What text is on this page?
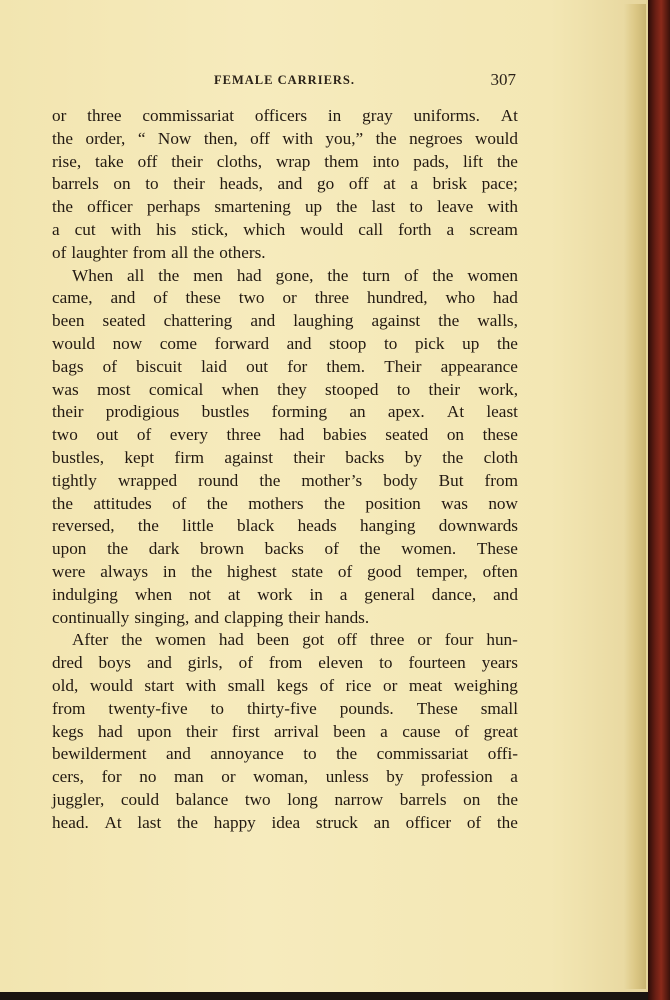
FEMALE CARRIERS.	307
or three commissariat officers in gray uniforms. At
the order, “ Now then, off with you,” the negroes would
rise, take off their cloths, wrap them into pads, lift the
barrels on to their heads, and go off at a brisk pace;
the officer perhaps smartening up the last to leave with
a cut with his stick, which would call forth a scream
of laughter from all the others.
When all the men had gone, the turn of the women
came, and of these two or three hundred, who had
been seated chattering and laughing against the walls,
would now come forward and stoop to pick up the
bags of biscuit laid out for them. Their appearance
was most comical when they stooped to their work,
their prodigious bustles forming an apex. At least
two out of every three had babies seated on these
bustles, kept firm against their backs by the cloth
tightly wrapped round the mother’s body But from
the attitudes of the mothers the position was now
reversed, the little black heads hanging downwards
upon the dark brown backs of the women. These
were always in the highest state of good temper, often
indulging when not at work in a general dance, and
continually singing, and clapping their hands.
After the women had been got off three or four hun-
dred boys and girls, of from eleven to fourteen years
old, would start with small kegs of rice or meat weighing
from twenty-five to thirty-five pounds. These small
kegs had upon their first arrival been a cause of great
bewilderment and annoyance to the commissariat offi-
cers, for no man or woman, unless by profession a
juggler, could balance two long narrow barrels on the
head. At last the happy idea struck an officer of the
